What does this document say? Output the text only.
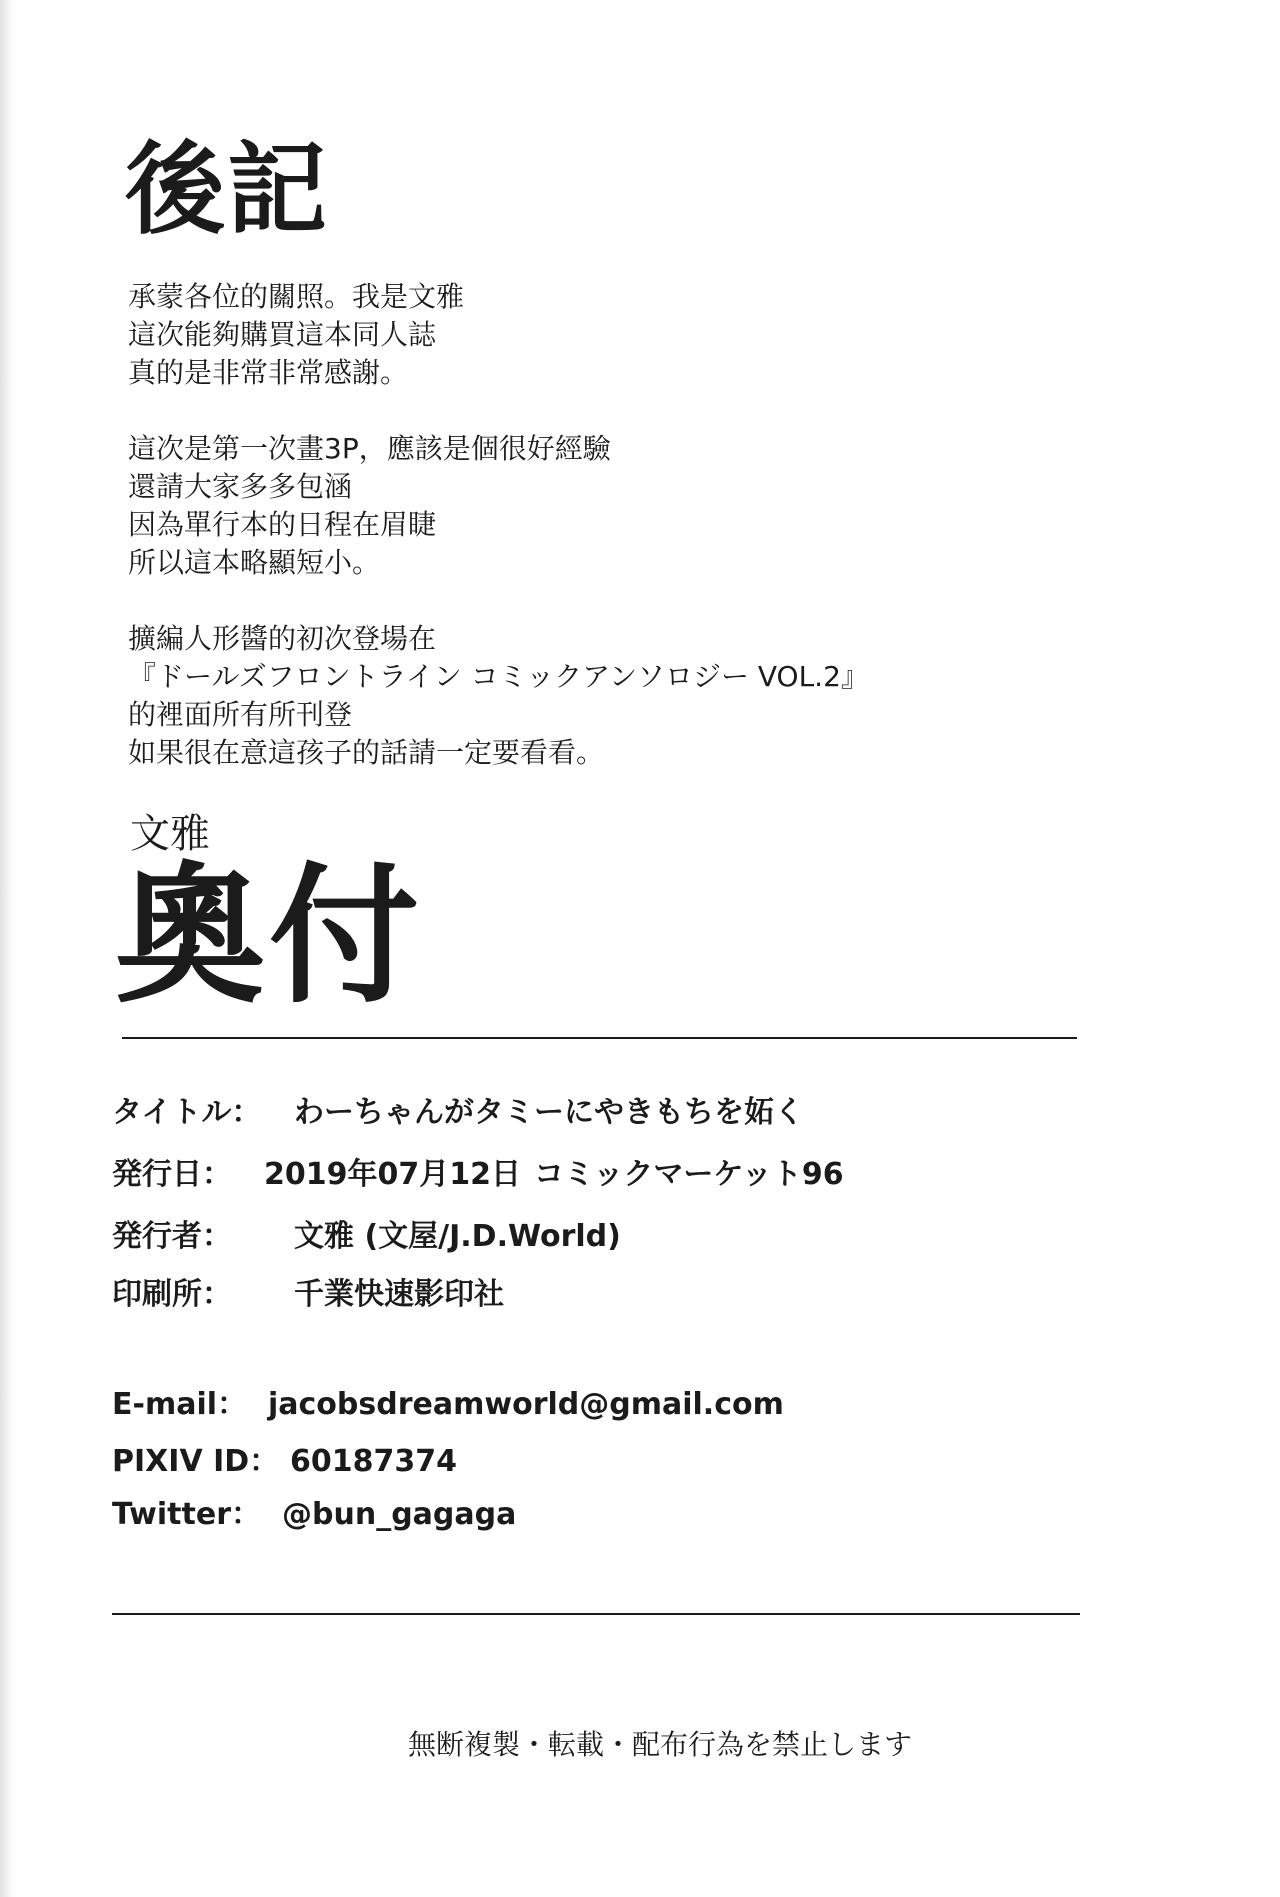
後記
承蒙各位的關照。我是文雅
這次能夠購買這本同人誌
真的是非常非常感謝。
這次是第一次畫3P，應該是個很好經驗
還請大家多多包涵
因為單行本的日程在眉睫
所以這本略顯短小。
擴編人形醬的初次登場在
『ドールズフロントライン コミックアンソロジー VOL.2』
的裡面所有所刊登
如果很在意這孩子的話請一定要看看。
文雅
奧付
タイトル： わーちゃんがタミーにやきもちを妬く
発行日： 2019年07月12日 コミックマーケット96
発行者： 文雅 (文屋/J.D.World)
印刷所： 千業快速影印社
E-mail： jacobsdreamworld@gmail.com
PIXIV ID： 60187374
Twitter： @bun_gagaga
無断複製・転載・配布行為を禁止します
